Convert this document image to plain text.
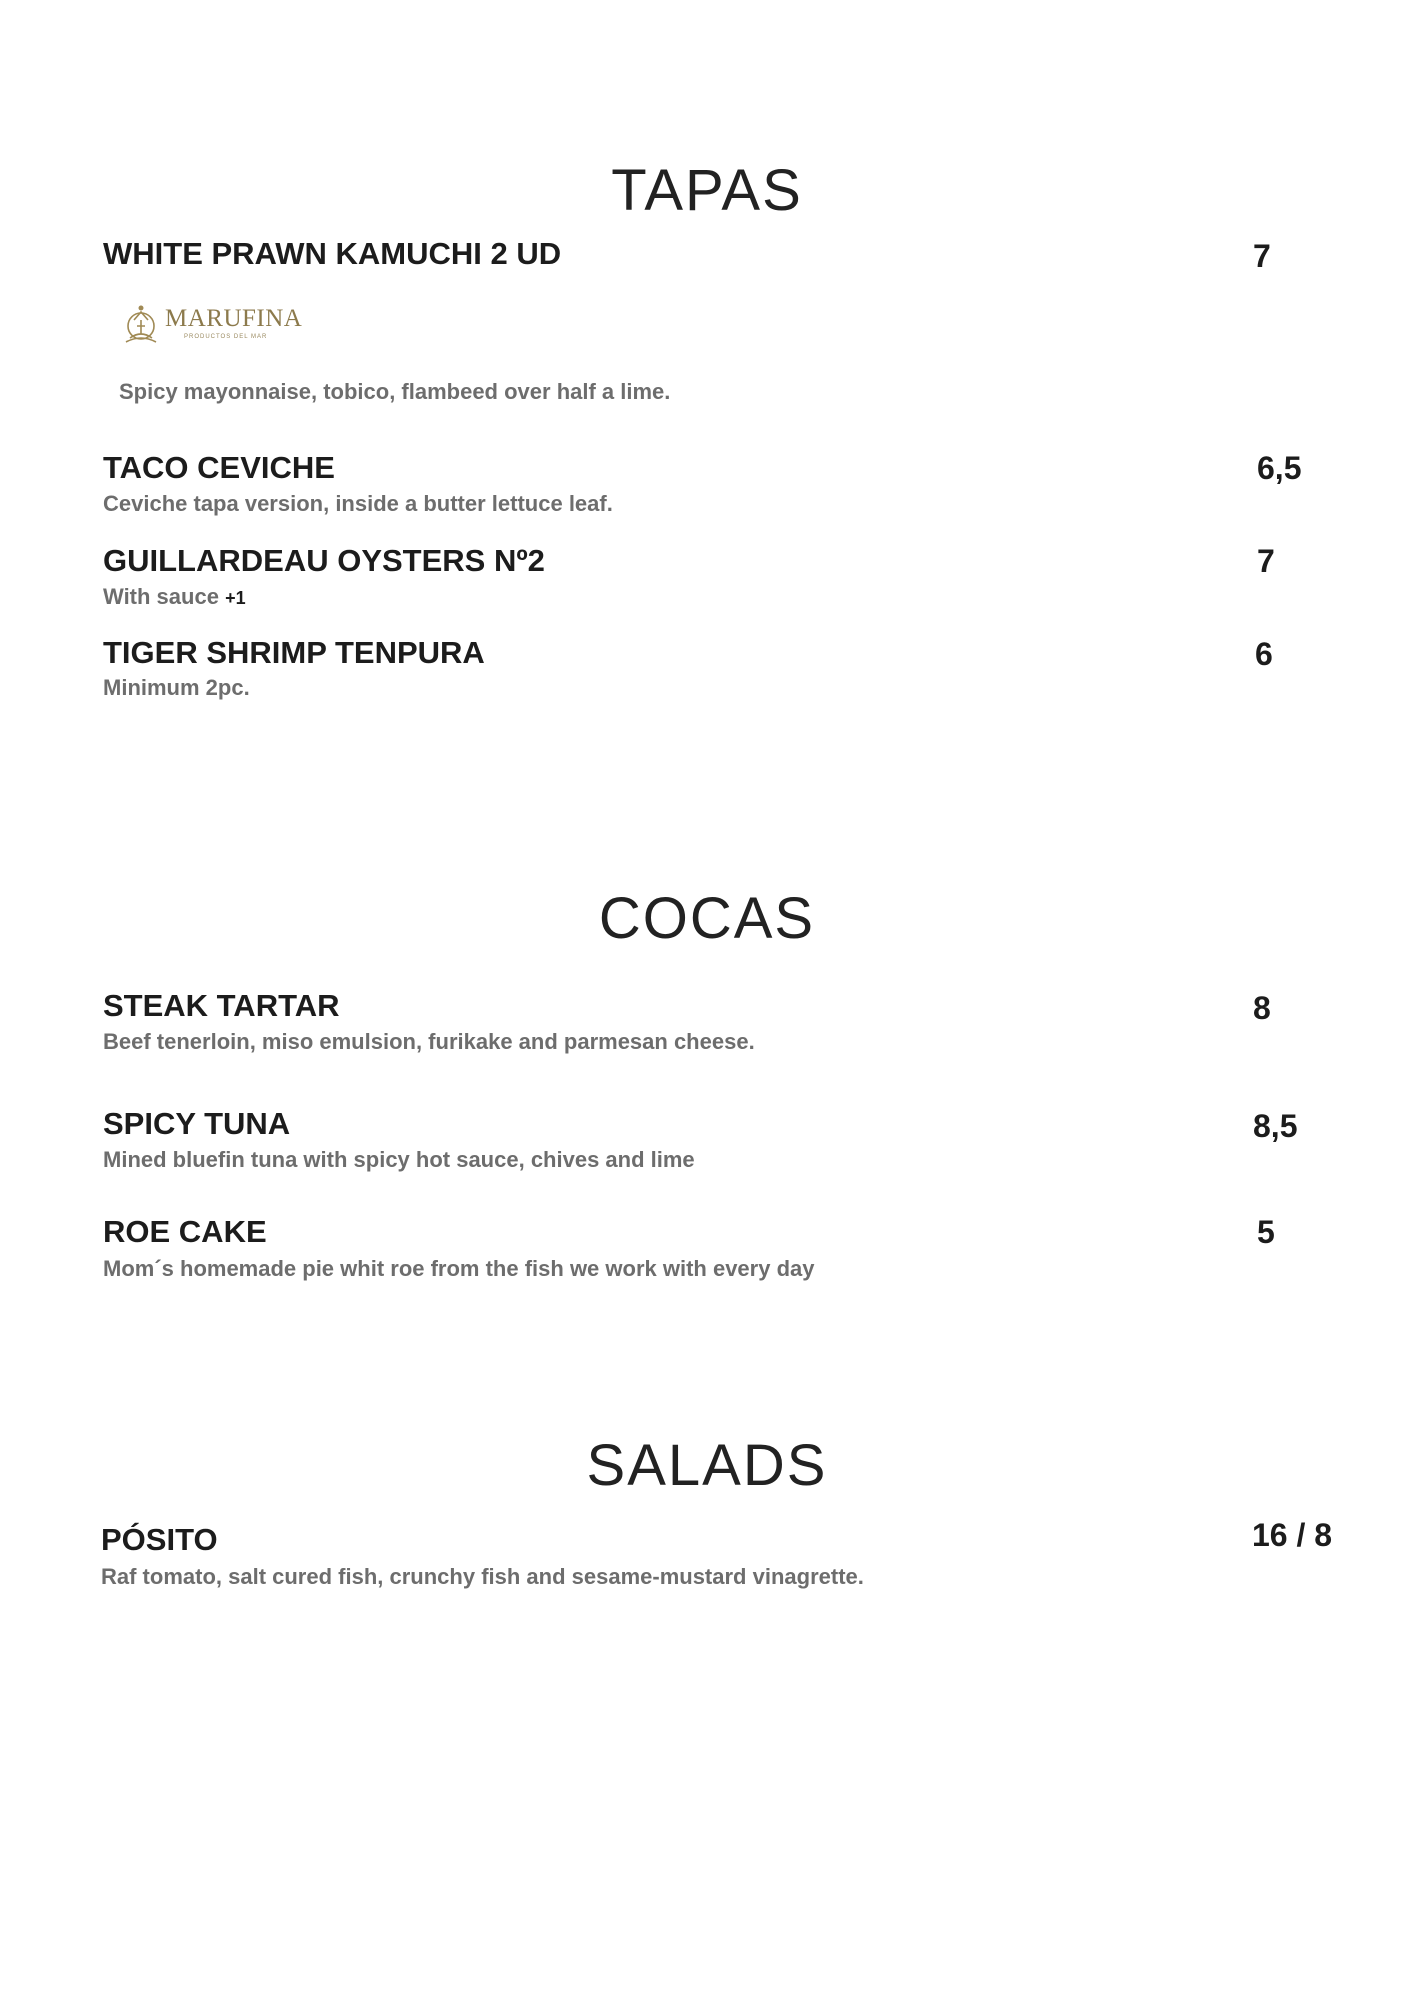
TAPAS
WHITE PRAWN KAMUCHI 2 UD	7
MARUFINA
PRODUCTOS DEL MAR
Spicy mayonnaise, tobico, flambeed over half a lime.
TACO CEVICHE	6,5
Ceviche tapa version, inside a butter lettuce leaf.
GUILLARDEAU OYSTERS Nº2	7
With sauce +1
TIGER SHRIMP TENPURA	6
Minimum 2pc.
COCAS
STEAK TARTAR	8
Beef tenerloin, miso emulsion, furikake and parmesan cheese.
SPICY TUNA	8,5
Mined bluefin tuna with spicy hot sauce, chives and lime
ROE CAKE	5
Mom´s homemade pie whit roe from the fish we work with every day
SALADS
PÓSITO	16 / 8
Raf tomato, salt cured fish, crunchy fish and sesame-mustard vinagrette.
